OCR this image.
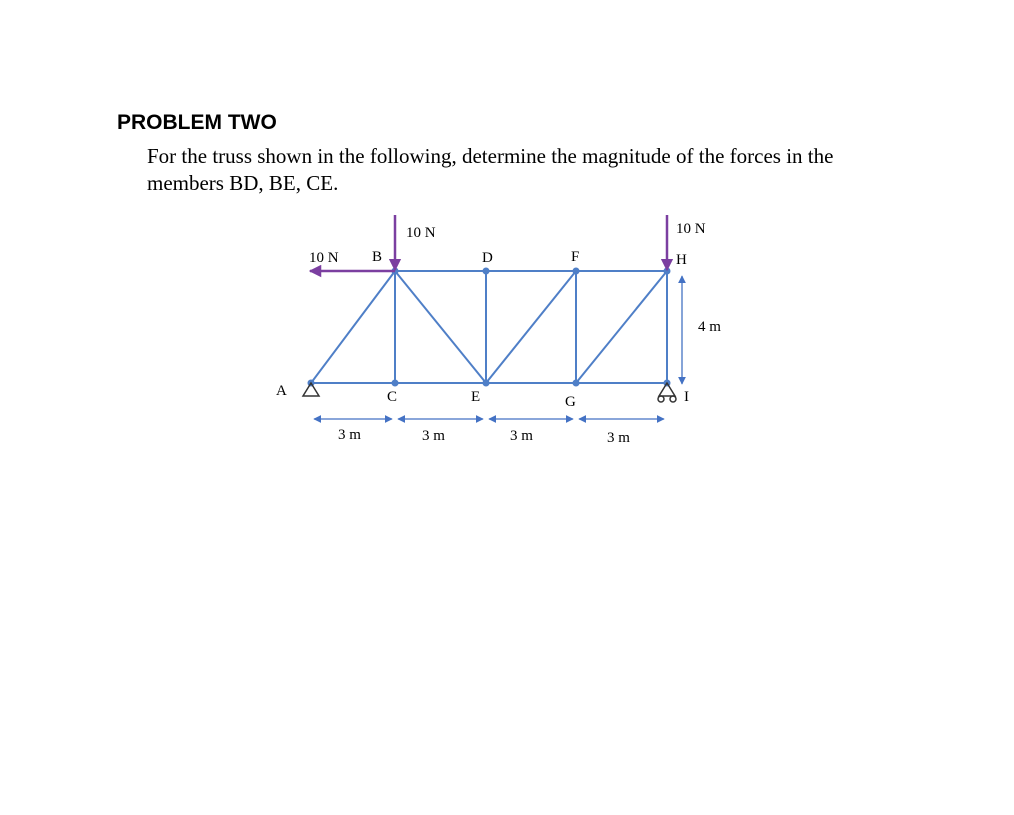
PROBLEM TWO

For the truss shown in the following, determine the magnitude of the forces in the members BD, BE, CE.

A
B
C
D
E
F
G
H
I
10 N
10 N	10 N
3 m	3 m	3 m	3 m
4 m
